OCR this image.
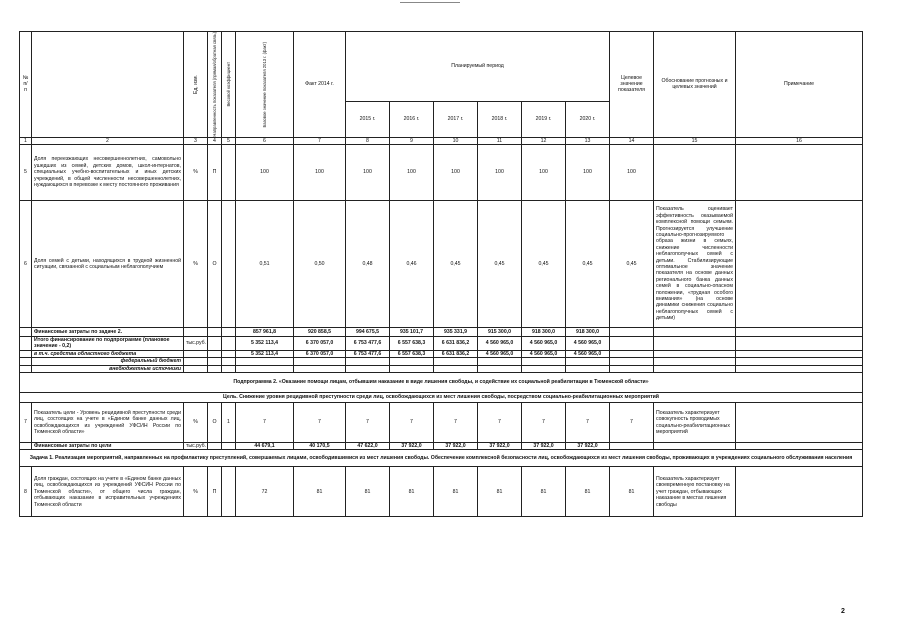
№ п/п		Ед. изм.	Направленность показателя (прямая/обратная связь)	Весовой коэффициент	Базовое значение показателя 2013 г. (факт)	Факт 2014 г.	Планируемый период						Целевое значение показателя	Обоснование прогнозных и целевых значений	Примечание
							2015 г.	2016 г.	2017 г.	2018 г.	2019 г.	2020 г.			
1	2	3	4	5	6	7	8	9	10	11	12	13	14	15	16
5	Доля переезжающих несовершеннолетних, самовольно ушедших из семей, детских домов, школ-интернатов, специальных учебно-воспитательных и иных детских учреждений, в общей численности несовершеннолетних, нуждающихся в перевозке к месту постоянного проживания	%	П		100	100	100	100	100	100	100	100	100		
6	Доля семей с детьми, находящихся в трудной жизненной ситуации, связанной с социальным неблагополучием	%	О		0,51	0,50	0,48	0,46	0,45	0,45	0,45	0,45	0,45	Показатель оценивает эффективность оказываемой комплексной помощи семьям. Прогнозируется улучшение социально-прогнозируемого образа жизни в семьях, снижение численности неблагополучных семей с детьми. Стабилизирующие оптимальное значение показателя на основе данных регионального банка данных семей в социально-опасном положении, «трудная особого внимания» (на основе динамики снижения социально неблагополучных семей с детьми)	
	Финансовые затраты по задаче 2.				857 961,8	920 858,5	994 675,5	935 101,7	935 331,9	915 300,0	918 300,0	918 300,0			
	Итого финансирование по подпрограмме (плановое значение - 0,2)	тыс.руб.			5 352 113,4	6 370 057,0	6 753 477,6	6 557 638,3	6 631 836,2	4 560 965,0	4 560 965,0	4 560 965,0			
	в т.ч. средства областного бюджета				5 352 113,4	6 370 057,0	6 753 477,6	6 557 638,3	6 631 836,2	4 560 965,0	4 560 965,0	4 560 965,0			
	федеральный бюджет														
	внебюджетные источники														
Подпрограмма 2. «Оказание помощи лицам, отбывшим наказание в виде лишения свободы, и содействие их социальной реабилитации в Тюменской области»															
Цель. Снижение уровня рецидивной преступности среди лиц, освобождающихся из мест лишения свободы, посредством социально-реабилитационных мероприятий															
7	Показатель цели - Уровень рецидивной преступности среди лиц, состоящих на учете в «Едином банке данных лиц, освобождающихся из учреждений УФСИН России по Тюменской области»	%	О	1	7	7	7	7	7	7	7	7	7	Показатель характеризует совокупность проводимых социально-реабилитационных мероприятий	
	Финансовые затраты по цели	тыс.руб.			44 679,1	40 170,5	47 622,0	37 922,0	37 922,0	37 922,0	37 922,0	37 922,0			
Задача 1. Реализация мероприятий, направленных на профилактику преступлений, совершаемых лицами, освободившимися из мест лишения свободы. Обеспечение комплексной безопасности лиц, освобождающихся из мест лишения свободы, проживающих в учреждениях социального обслуживания населения															
8	Доля граждан, состоящих на учете в «Едином банке данных лиц, освобождающихся из учреждений УФСИН России по Тюменской области», от общего числа граждан, отбывающих наказание в исправительных учреждениях Тюменской области	%	П		72	81	81	81	81	81	81	81	81	Показатель характеризует своевременную постановку на учет граждан, отбывающих наказание в местах лишения свободы	
2
